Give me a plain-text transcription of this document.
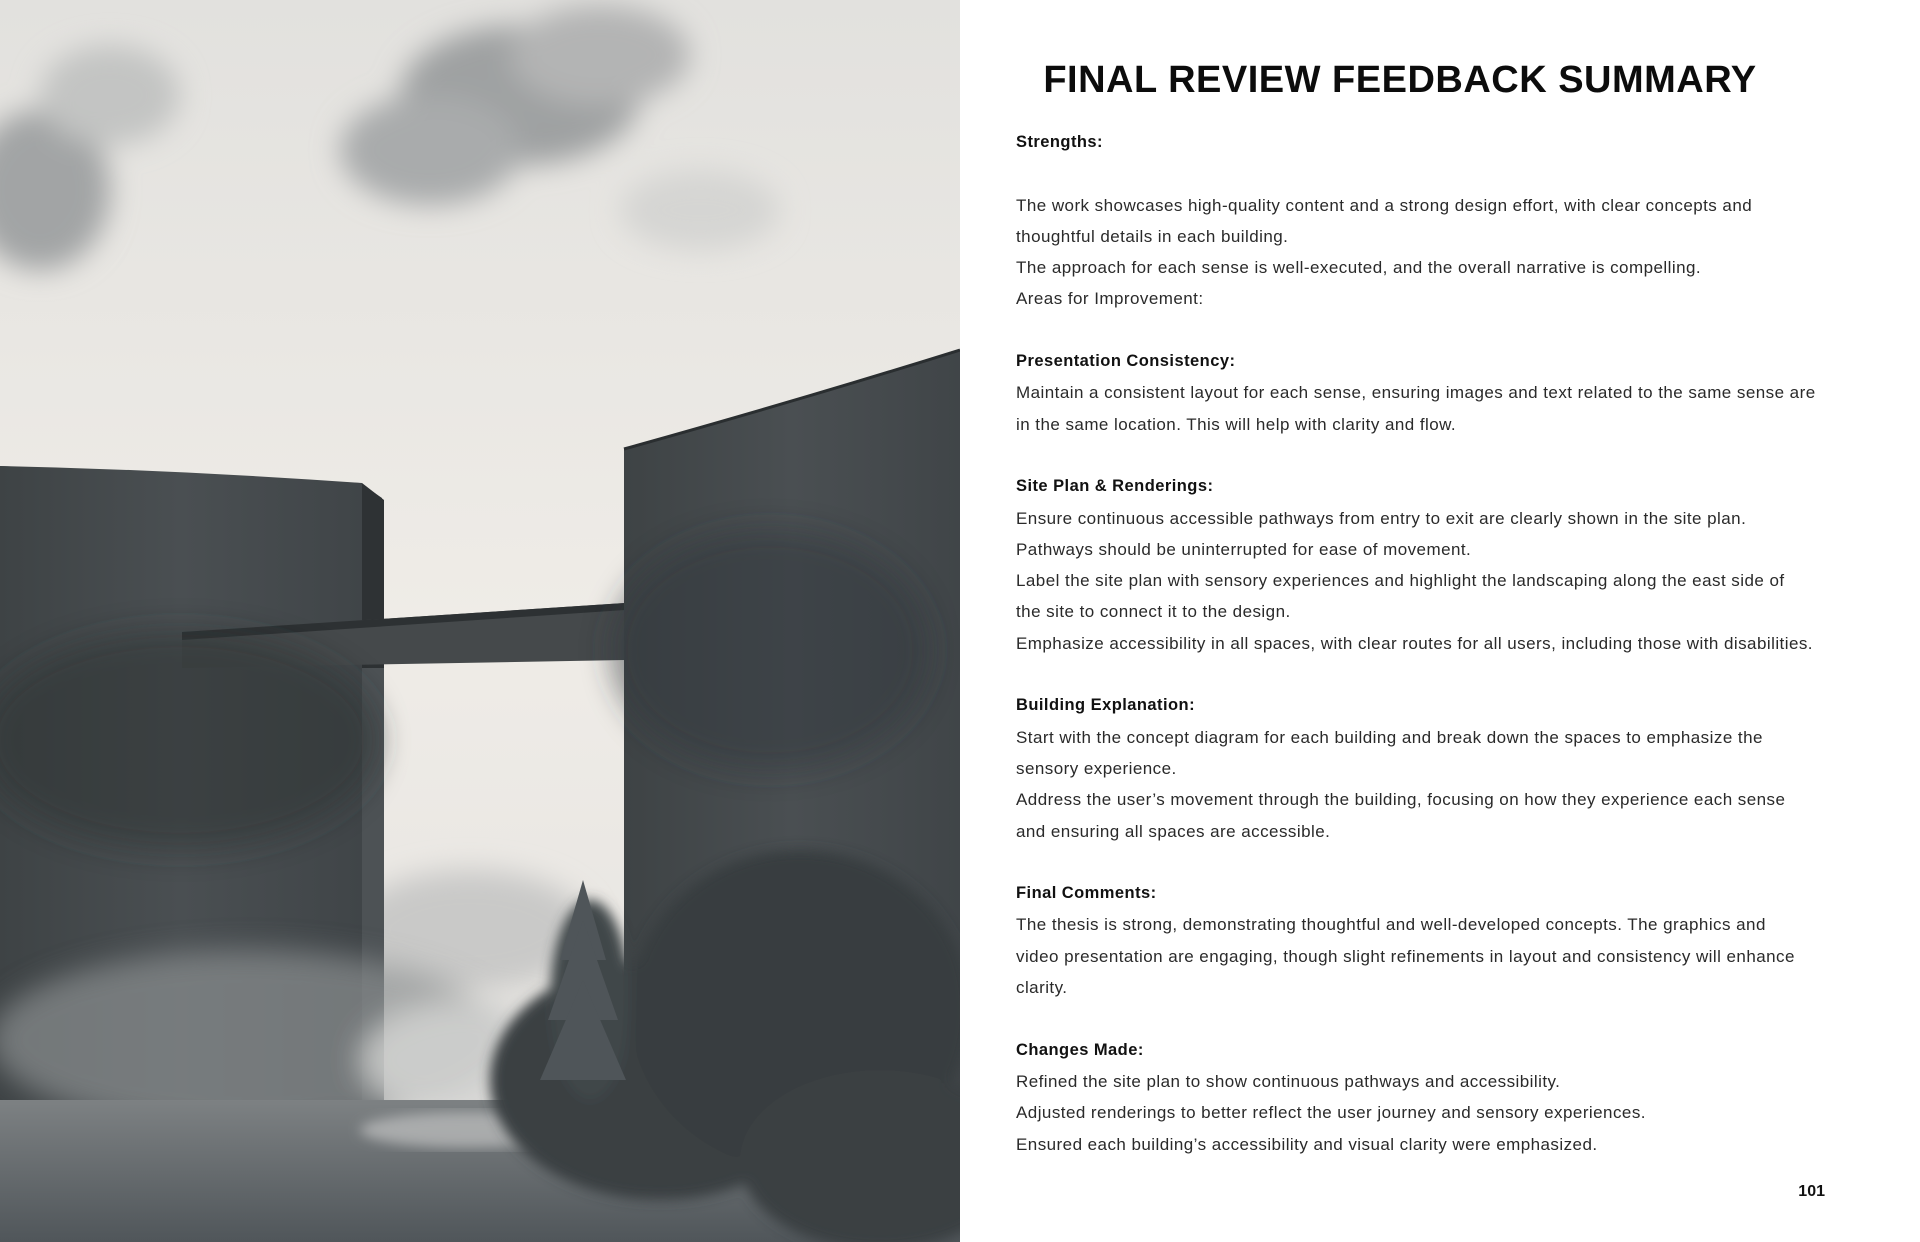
FINAL REVIEW FEEDBACK SUMMARY
Strengths:
The work showcases high-quality content and a strong design effort, with clear concepts and
thoughtful details in each building.
The approach for each sense is well-executed, and the overall narrative is compelling.
Areas for Improvement:
Presentation Consistency:
Maintain a consistent layout for each sense, ensuring images and text related to the same sense are
in the same location. This will help with clarity and flow.
Site Plan & Renderings:
Ensure continuous accessible pathways from entry to exit are clearly shown in the site plan.
Pathways should be uninterrupted for ease of movement.
Label the site plan with sensory experiences and highlight the landscaping along the east side of
the site to connect it to the design.
Emphasize accessibility in all spaces, with clear routes for all users, including those with disabilities.
Building Explanation:
Start with the concept diagram for each building and break down the spaces to emphasize the
sensory experience.
Address the user’s movement through the building, focusing on how they experience each sense
and ensuring all spaces are accessible.
Final Comments:
The thesis is strong, demonstrating thoughtful and well-developed concepts. The graphics and
video presentation are engaging, though slight refinements in layout and consistency will enhance
clarity.
Changes Made:
Refined the site plan to show continuous pathways and accessibility.
Adjusted renderings to better reflect the user journey and sensory experiences.
Ensured each building’s accessibility and visual clarity were emphasized.
101
